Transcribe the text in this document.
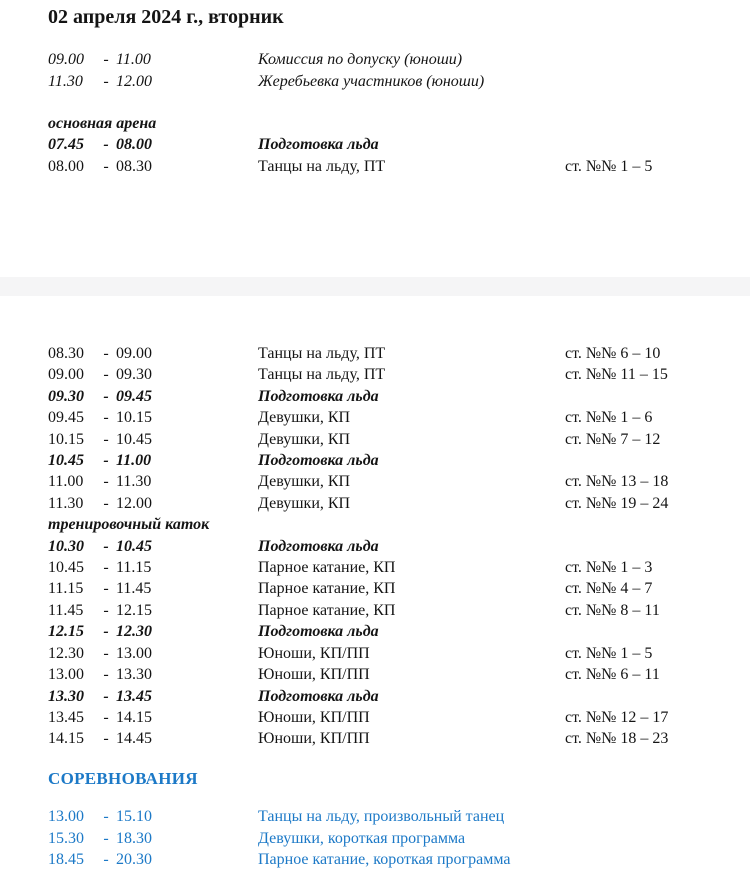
02 апреля 2024 г., вторник
09.00	- 11.00	Комиссия по допуску (юноши)
11.30	- 12.00	Жеребьевка участников (юноши)
основная арена
07.45	- 08.00	Подготовка льда
08.00	- 08.30	Танцы на льду, ПТ	ст. №№ 1 – 5
08.30	- 09.00	Танцы на льду, ПТ	ст. №№ 6 – 10
09.00	- 09.30	Танцы на льду, ПТ	ст. №№ 11 – 15
09.30	- 09.45	Подготовка льда
09.45	- 10.15	Девушки, КП	ст. №№ 1 – 6
10.15	- 10.45	Девушки, КП	ст. №№ 7 – 12
10.45	- 11.00	Подготовка льда
11.00	- 11.30	Девушки, КП	ст. №№ 13 – 18
11.30	- 12.00	Девушки, КП	ст. №№ 19 – 24
тренировочный каток
10.30	- 10.45	Подготовка льда
10.45	- 11.15	Парное катание, КП	ст. №№ 1 – 3
11.15	- 11.45	Парное катание, КП	ст. №№ 4 – 7
11.45	- 12.15	Парное катание, КП	ст. №№ 8 – 11
12.15	- 12.30	Подготовка льда
12.30	- 13.00	Юноши, КП/ПП	ст. №№ 1 – 5
13.00	- 13.30	Юноши, КП/ПП	ст. №№ 6 – 11
13.30	- 13.45	Подготовка льда
13.45	- 14.15	Юноши, КП/ПП	ст. №№ 12 – 17
14.15	- 14.45	Юноши, КП/ПП	ст. №№ 18 – 23
СОРЕВНОВАНИЯ
13.00	- 15.10	Танцы на льду, произвольный танец
15.30	- 18.30	Девушки, короткая программа
18.45	- 20.30	Парное катание, короткая программа
